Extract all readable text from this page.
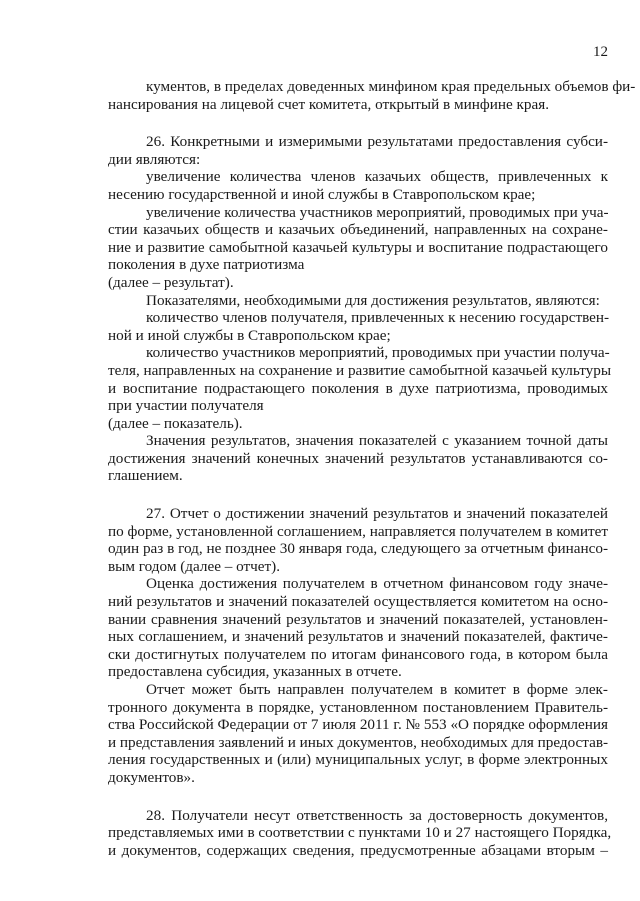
12
кументов, в пределах доведенных минфином края предельных объемов фи-
нансирования на лицевой счет комитета, открытый в минфине края.
26. Конкретными и измеримыми результатами предоставления субси-
дии являются:
увеличение количества членов казачьих обществ, привлеченных к
несению государственной и иной службы в Ставропольском крае;
увеличение количества участников мероприятий, проводимых при уча-
стии казачьих обществ и казачьих объединений, направленных на сохране-
ние и развитие самобытной казачьей культуры и воспитание подрастающего
поколения в духе патриотизма
(далее – результат).
Показателями, необходимыми для достижения результатов, являются:
количество членов получателя, привлеченных к несению государствен-
ной и иной службы в Ставропольском крае;
количество участников мероприятий, проводимых при участии получа-
теля, направленных на сохранение и развитие самобытной казачьей культуры
и воспитание подрастающего поколения в духе патриотизма, проводимых
при участии получателя
(далее – показатель).
Значения результатов, значения показателей с указанием точной даты
достижения значений конечных значений результатов устанавливаются со-
глашением.
27. Отчет о достижении значений результатов и значений показателей
по форме, установленной соглашением, направляется получателем в комитет
один раз в год, не позднее 30 января года, следующего за отчетным финансо-
вым годом (далее – отчет).
Оценка достижения получателем в отчетном финансовом году значе-
ний результатов и значений показателей осуществляется комитетом на осно-
вании сравнения значений результатов и значений показателей, установлен-
ных соглашением, и значений результатов и значений показателей, фактиче-
ски достигнутых получателем по итогам финансового года, в котором была
предоставлена субсидия, указанных в отчете.
Отчет может быть направлен получателем в комитет в форме элек-
тронного документа в порядке, установленном постановлением Правитель-
ства Российской Федерации от 7 июля 2011 г. № 553 «О порядке оформления
и представления заявлений и иных документов, необходимых для предостав-
ления государственных и (или) муниципальных услуг, в форме электронных
документов».
28. Получатели несут ответственность за достоверность документов,
представляемых ими в соответствии с пунктами 10 и 27 настоящего Порядка,
и документов, содержащих сведения, предусмотренные абзацами вторым –
